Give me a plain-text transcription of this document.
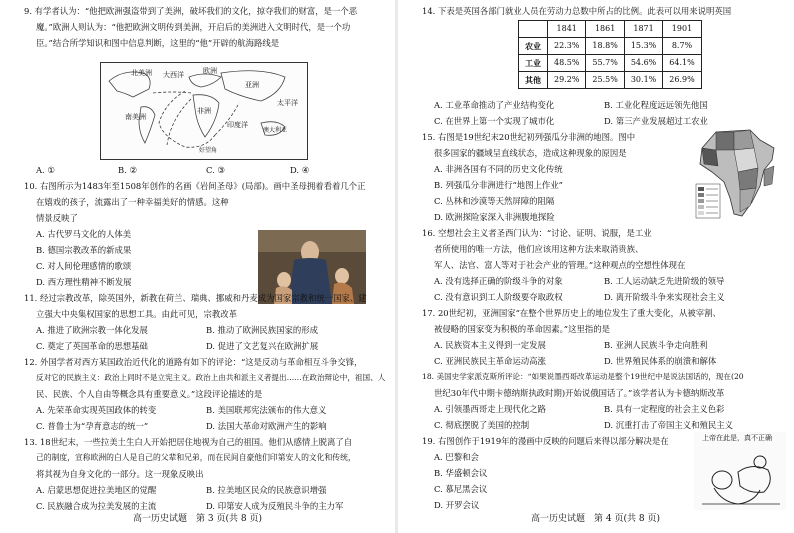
9. 有学者认为：“他把欧洲强盗带到了美洲，破坏我们的文化，掠夺我们的财富，是一个恶
魔。”欧洲人则认为：“他把欧洲文明传到美洲，开启后的美洲进入文明时代，是一个功
臣。”结合所学知识和图中信息判断，这里的“他”开辟的航海路线是
北美洲 大西洋	欧洲
亚洲
太平洋
南美洲
非洲
印度洋
澳大利亚
好望角
A. ①	B. ②	C. ③	D. ④
10. 右图所示为1483年至1508年创作的名画《岩间圣母》(局部)。画中圣母拥着看着几个正
在嬉戏的孩子，流露出了一种幸福美好的情感。这种
情景反映了
A. 古代罗马文化的人体美
B. 德国宗教改革的新成果
C. 对人间伦理感情的歌颂
D. 西方理性精神不断发展
11. 经过宗教改革，除英国外，新教在荷兰、瑞典、挪威和丹麦成为国家宗教和统一国家、建
立强大中央集权国家的思想工具。由此可见，宗教改革
A. 推进了欧洲宗教一体化发展	B. 推动了欧洲民族国家的形成
C. 奠定了英国革命的思想基础	D. 促进了文艺复兴在欧洲扩展
12. 外国学者对西方某国政治近代化的道路有如下的评论：“这是反动与革命相互斗争交锋，
反对它的民族主义：政治上同时不是立宪主义。政治上由共和派主义者提出……在政治辩论中，祖国、人
民、民族、个人自由等概念具有重要意义。”这段评论描述的是
A. 先荣革命实现英国政体的转变	B. 美国联邦宪法颁布的伟大意义
C. 普鲁士为“孕育意志的统一”	D. 法国大革命对欧洲产生的影响
13. 18世纪末，一些拉美土生白人开始把居住地视为自己的祖国。他们从感情上脱离了自
己的制度，宣称欧洲的白人是自己的父辈和兄弟，而在民间自豪他们印第安人的文化和传统，
将其视为自身文化的一部分。这一现象反映出
A. 启蒙思想促进拉美地区的觉醒	B. 拉美地区民众的民族意识增强
C. 民族融合成为拉美发展的主流	D. 印第安人成为反殖民斗争的主力军
高一历史试题　第 3 页(共 8 页)
14. 下表是英国各部门就业人员在劳动力总数中所占的比例。此表可以用来说明英国
	1841	1861	1871	1901
农业	22.3%	18.8%	15.3%	8.7%
工业	48.5%	55.7%	54.6%	64.1%
其他	29.2%	25.5%	30.1%	26.9%
A. 工业革命推动了产业结构变化	B. 工业化程度远远领先他国
C. 在世界上第一个实现了城市化	D. 第三产业发展超过工农业
15. 右图是19世纪末20世纪初列强瓜分非洲的地图。图中
很多国家的疆域呈直线状态，造成这种现象的原因是
A. 非洲各国有不同的历史文化传统
B. 列强瓜分非洲进行“地图上作业”
C. 丛林和沙漠等天然屏障的阻隔
D. 欧洲探险家深入非洲腹地探险
16. 空想社会主义者圣西门认为：“讨论、证明、说服，是工业
者所使用的唯一方法，他们应该用这种方法来取消贵族、
军人、法官、富人等对于社会产业的管理。”这种观点的空想性体现在
A. 没有选择正确的阶级斗争的对象	B. 工人运动缺乏先进阶级的领导
C. 没有意识到工人阶级要夺取政权	D. 离开阶级斗争来实现社会主义
17. 20世纪初，亚洲国家“在整个世界历史上的地位发生了重大变化，从被宰割、
被侵略的国家变为积极的革命因素。”这里指的是
A. 民族资本主义得到一定发展	B. 亚洲人民族斗争走向胜利
C. 亚洲民族民主革命运动高涨	D. 世界殖民体系的崩溃和解体
18. 美国史学家派克斯所评论：“如果说墨西哥改革运动是整个19世纪中是说法国话的，现在(20
世纪30年代中期卡德纳斯执政时期)开始说俄国话了。”该学者认为卡德纳斯改革
A. 引领墨西哥走上现代化之路	B. 具有一定程度的社会主义色彩
C. 彻底摆脱了美国的控制	D. 沉重打击了帝国主义和殖民主义
19. 右图创作于1919年的漫画中反映的问题后来得以部分解决是在
A. 巴黎和会
B. 华盛顿会议
C. 慕尼黑会议
D. 开罗会议
上帝在此是，真不正确
高一历史试题　第 4 页(共 8 页)
